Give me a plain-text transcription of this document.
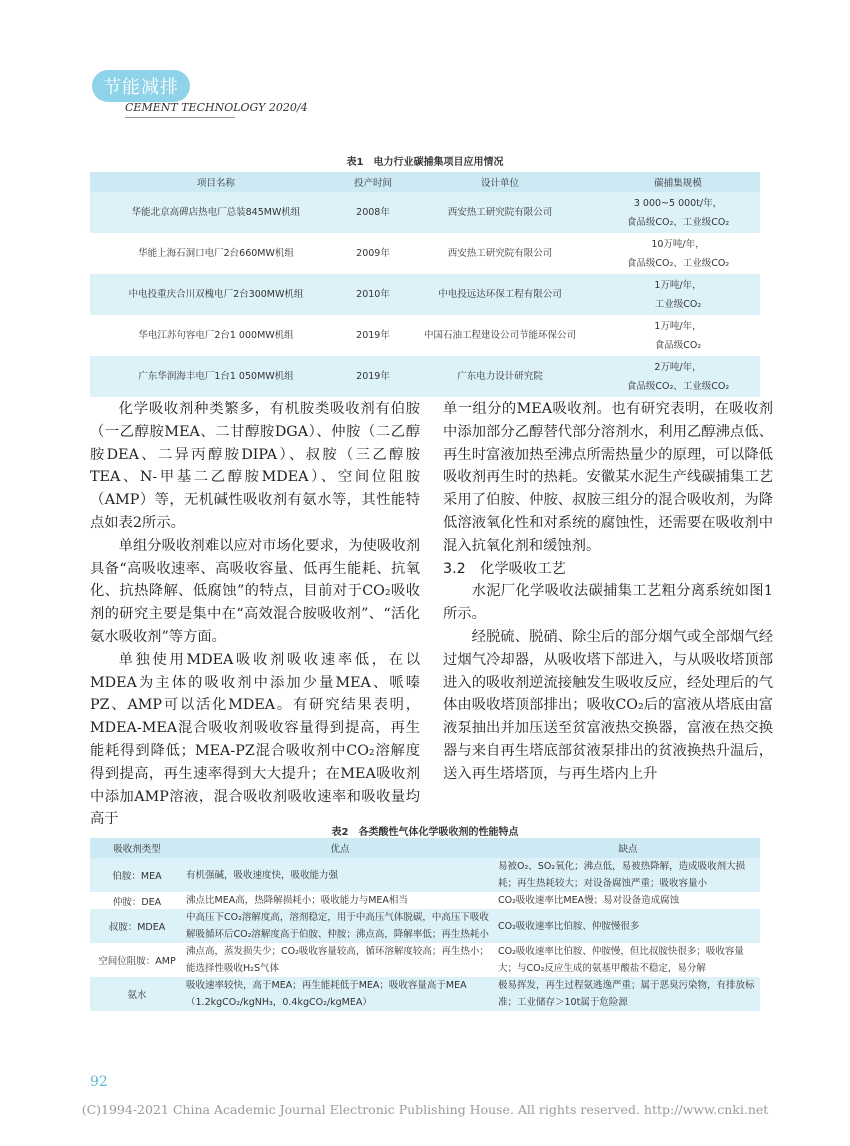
节能减排
CEMENT TECHNOLOGY 2020/4
表1　电力行业碳捕集项目应用情况
项目名称	投产时间	设计单位	碳捕集规模
华能北京高碑店热电厂总装845MW机组	2008年	西安热工研究院有限公司	3 000~5 000t/年，
食品级CO₂、工业级CO₂

华能上海石洞口电厂2台660MW机组	2009年	西安热工研究院有限公司	10万吨/年，
食品级CO₂、工业级CO₂

中电投重庆合川双槐电厂2台300MW机组	2010年	中电投远达环保工程有限公司	1万吨/年，
工业级CO₂

华电江苏句容电厂2台1 000MW机组	2019年	中国石油工程建设公司节能环保公司	1万吨/年，
食品级CO₂

广东华润海丰电厂1台1 050MW机组	2019年	广东电力设计研究院	2万吨/年，
食品级CO₂、工业级CO₂

化学吸收剂种类繁多，有机胺类吸收剂有伯胺（一乙醇胺MEA、二甘醇胺DGA）、仲胺（二乙醇胺DEA、二异丙醇胺DIPA）、叔胺（三乙醇胺TEA、N-甲基二乙醇胺MDEA）、空间位阻胺（AMP）等，无机碱性吸收剂有氨水等，其性能特点如表2所示。

单组分吸收剂难以应对市场化要求，为使吸收剂具备“高吸收速率、高吸收容量、低再生能耗、抗氧化、抗热降解、低腐蚀”的特点，目前对于CO₂吸收剂的研究主要是集中在“高效混合胺吸收剂”、“活化氨水吸收剂”等方面。

单独使用MDEA吸收剂吸收速率低，在以MDEA为主体的吸收剂中添加少量MEA、哌嗪PZ、AMP可以活化MDEA。有研究结果表明，MDEA-MEA混合吸收剂吸收容量得到提高，再生能耗得到降低；MEA-PZ混合吸收剂中CO₂溶解度得到提高，再生速率得到大大提升；在MEA吸收剂中添加AMP溶液，混合吸收剂吸收速率和吸收量均高于

单一组分的MEA吸收剂。也有研究表明，在吸收剂中添加部分乙醇替代部分溶剂水，利用乙醇沸点低、再生时富液加热至沸点所需热量少的原理，可以降低吸收剂再生时的热耗。安徽某水泥生产线碳捕集工艺采用了伯胺、仲胺、叔胺三组分的混合吸收剂，为降低溶液氧化性和对系统的腐蚀性，还需要在吸收剂中混入抗氧化剂和缓蚀剂。

3.2　化学吸收工艺

水泥厂化学吸收法碳捕集工艺粗分离系统如图1所示。

经脱硫、脱硝、除尘后的部分烟气或全部烟气经过烟气冷却器，从吸收塔下部进入，与从吸收塔顶部进入的吸收剂逆流接触发生吸收反应，经处理后的气体由吸收塔顶部排出；吸收CO₂后的富液从塔底由富液泵抽出并加压送至贫富液热交换器，富液在热交换器与来自再生塔底部贫液泵排出的贫液换热升温后，送入再生塔塔顶，与再生塔内上升

表2　各类酸性气体化学吸收剂的性能特点
吸收剂类型	优点	缺点
伯胺：MEA	有机强碱，吸收速度快，吸收能力强	易被O₂、SO₂氧化；沸点低，易被热降解，造成吸收剂大损耗；再生热耗较大；对设备腐蚀严重；吸收容量小
仲胺：DEA	沸点比MEA高，热降解损耗小；吸收能力与MEA相当	CO₂吸收速率比MEA慢；易对设备造成腐蚀
叔胺：MDEA	中高压下CO₂溶解度高，溶剂稳定，用于中高压气体脱碳，中高压下吸收解吸循环后CO₂溶解度高于伯胺、仲胺；沸点高，降解率低；再生热耗小	CO₂吸收速率比伯胺、仲胺慢很多
空间位阻胺：AMP	沸点高，蒸发损失少；CO₂吸收容量较高，循环溶解度较高；再生热小；能选择性吸收H₂S气体	CO₂吸收速率比伯胺、仲胺慢，但比叔胺快很多；吸收容量大；与CO₂反应生成的氨基甲酸盐不稳定，易分解
氨水	吸收速率较快，高于MEA；再生能耗低于MEA；吸收容量高于MEA（1.2kgCO₂/kgNH₃，0.4kgCO₂/kgMEA）	极易挥发，再生过程氨逃逸严重；属于恶臭污染物，有排放标准；工业储存＞10t属于危险源
92
(C)1994-2021 China Academic Journal Electronic Publishing House. All rights reserved. http://www.cnki.net
